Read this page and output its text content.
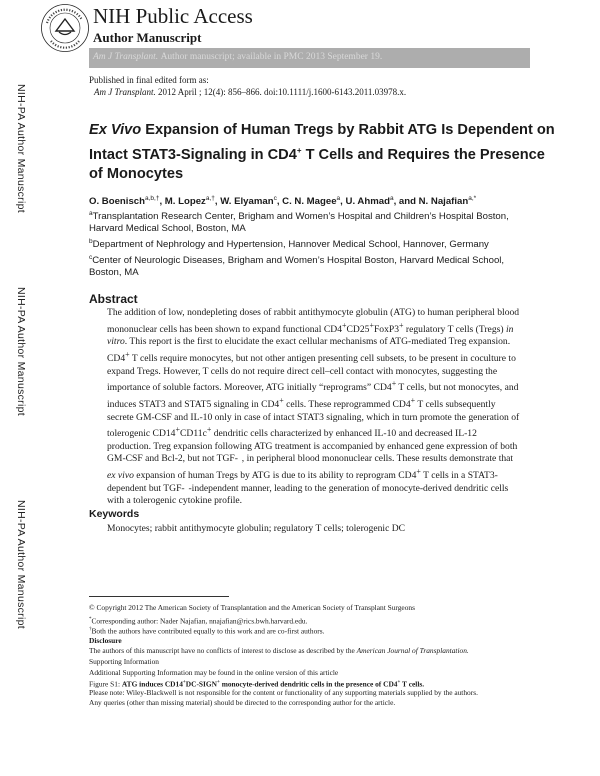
NIH Public Access
Author Manuscript
Am J Transplant. Author manuscript; available in PMC 2013 September 19.
Published in final edited form as:
Am J Transplant. 2012 April ; 12(4): 856–866. doi:10.1111/j.1600-6143.2011.03978.x.
NIH-PA Author Manuscript
NIH-PA Author Manuscript
NIH-PA Author Manuscript
Ex Vivo Expansion of Human Tregs by Rabbit ATG Is Dependent on Intact STAT3-Signaling in CD4+ T Cells and Requires the Presence of Monocytes
O. Boenisch$^{a,b,\dagger}$, M. Lopez$^{a,\dagger}$, W. Elyaman$^c$, C. N. Magee$^a$, U. Ahmad$^a$, and N. Najafian$^{a,*}$
$^a$Transplantation Research Center, Brigham and Women’s Hospital and Children’s Hospital Boston, Harvard Medical School, Boston, MA
$^b$Department of Nephrology and Hypertension, Hannover Medical School, Hannover, Germany
$^c$Center of Neurologic Diseases, Brigham and Women’s Hospital Boston, Harvard Medical School, Boston, MA
Abstract
The addition of low, nondepleting doses of rabbit antithymocyte globulin (ATG) to human peripheral blood mononuclear cells has been shown to expand functional CD4+CD25+FoxP3+ regulatory T cells (Tregs) in vitro. This report is the first to elucidate the exact cellular mechanisms of ATG-mediated Treg expansion. CD4+ T cells require monocytes, but not other antigen presenting cell subsets, to be present in coculture to expand Tregs. However, T cells do not require direct cell–cell contact with monocytes, suggesting the importance of soluble factors. Moreover, ATG initially “reprograms” CD4+ T cells, but not monocytes, and induces STAT3 and STAT5 signaling in CD4+ cells. These reprogrammed CD4+ T cells subsequently secrete GM-CSF and IL-10 only in case of intact STAT3 signaling, which in turn promote the generation of tolerogenic CD14+CD11c+ dendritic cells characterized by enhanced IL-10 and decreased IL-12 production. Treg expansion following ATG treatment is accompanied by enhanced gene expression of both GM-CSF and Bcl-2, but not TGF-  , in peripheral blood mononuclear cells. These results demonstrate that ex vivo expansion of human Tregs by ATG is due to its ability to reprogram CD4+ T cells in a STAT3-dependent but TGF-  -independent manner, leading to the generation of monocyte-derived dendritic cells with a tolerogenic cytokine profile.
Keywords
Monocytes; rabbit antithymocyte globulin; regulatory T cells; tolerogenic DC
© Copyright 2012 The American Society of Transplantation and the American Society of Transplant Surgeons
*Corresponding author: Nader Najafian, nnajafian@rics.bwh.harvard.edu.
†Both the authors have contributed equally to this work and are co-first authors.
Disclosure
The authors of this manuscript have no conflicts of interest to disclose as described by the American Journal of Transplantation.
Supporting Information
Additional Supporting Information may be found in the online version of this article
Figure S1: ATG induces CD14+DC-SIGN+ monocyte-derived dendritic cells in the presence of CD4+ T cells.
Please note: Wiley-Blackwell is not responsible for the content or functionality of any supporting materials supplied by the authors.
Any queries (other than missing material) should be directed to the corresponding author for the article.
